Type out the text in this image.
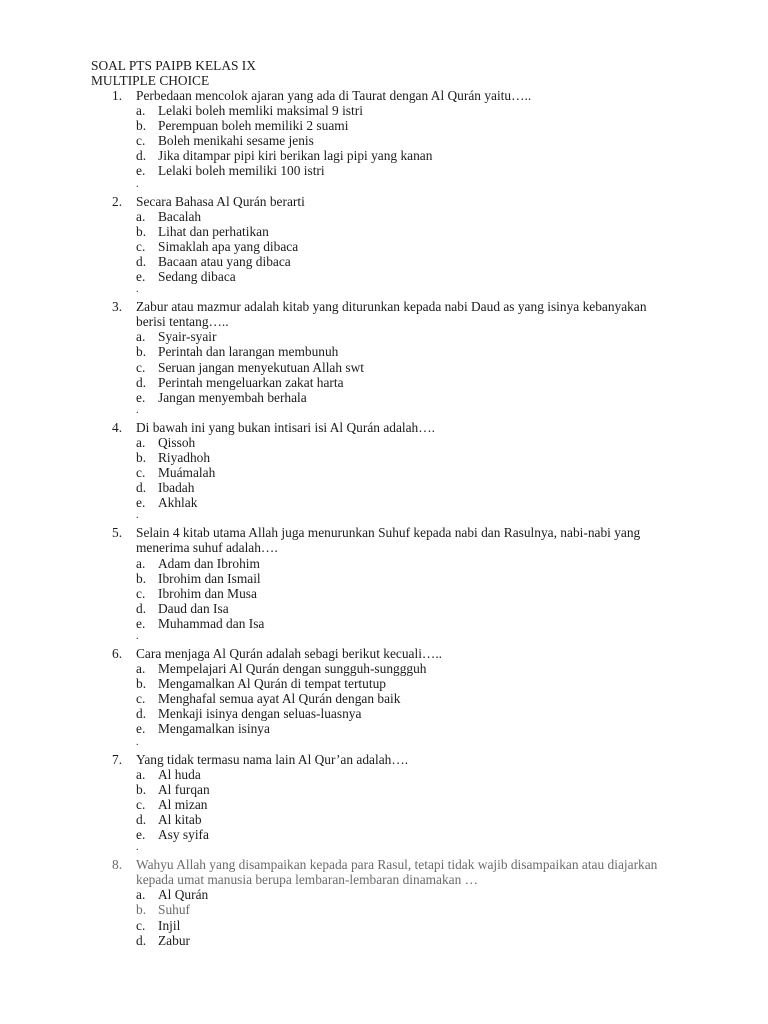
SOAL PTS PAIPB KELAS IX
MULTIPLE CHOICE
1. Perbedaan mencolok ajaran yang ada di Taurat dengan Al Qurán yaitu…..
a. Lelaki boleh memliki maksimal 9 istri
b. Perempuan boleh memiliki 2 suami
c. Boleh menikahi sesame jenis
d. Jika ditampar pipi kiri berikan lagi pipi yang kanan
e. Lelaki boleh memiliki 100 istri
.
2. Secara Bahasa Al Qurán berarti
a. Bacalah
b. Lihat dan perhatikan
c. Simaklah apa yang dibaca
d. Bacaan atau yang dibaca
e. Sedang dibaca
.
3. Zabur atau mazmur adalah kitab yang diturunkan kepada nabi Daud as yang isinya kebanyakan berisi tentang…..
a. Syair-syair
b. Perintah dan larangan membunuh
c. Seruan jangan menyekutuan Allah swt
d. Perintah mengeluarkan zakat harta
e. Jangan menyembah berhala
.
4. Di bawah ini yang bukan intisari isi Al Qurán adalah….
a. Qissoh
b. Riyadhoh
c. Muámalah
d. Ibadah
e. Akhlak
.
5. Selain 4 kitab utama Allah juga menurunkan Suhuf kepada nabi dan Rasulnya, nabi-nabi yang menerima suhuf adalah….
a. Adam dan Ibrohim
b. Ibrohim dan Ismail
c. Ibrohim dan Musa
d. Daud dan Isa
e. Muhammad dan Isa
.
6. Cara menjaga Al Qurán adalah sebagi berikut kecuali…..
a. Mempelajari Al Qurán dengan sungguh-sunggguh
b. Mengamalkan Al Qurán di tempat tertutup
c. Menghafal semua ayat Al Qurán dengan baik
d. Menkaji isinya dengan seluas-luasnya
e. Mengamalkan isinya
.
7. Yang tidak termasu nama lain Al Qur’an adalah….
a. Al huda
b. Al furqan
c. Al mizan
d. Al kitab
e. Asy syifa
.
8. Wahyu Allah yang disampaikan kepada para Rasul, tetapi tidak wajib disampaikan atau diajarkan kepada umat manusia berupa lembaran-lembaran dinamakan …
a. Al Qurán
b. Suhuf
c. Injil
d. Zabur
